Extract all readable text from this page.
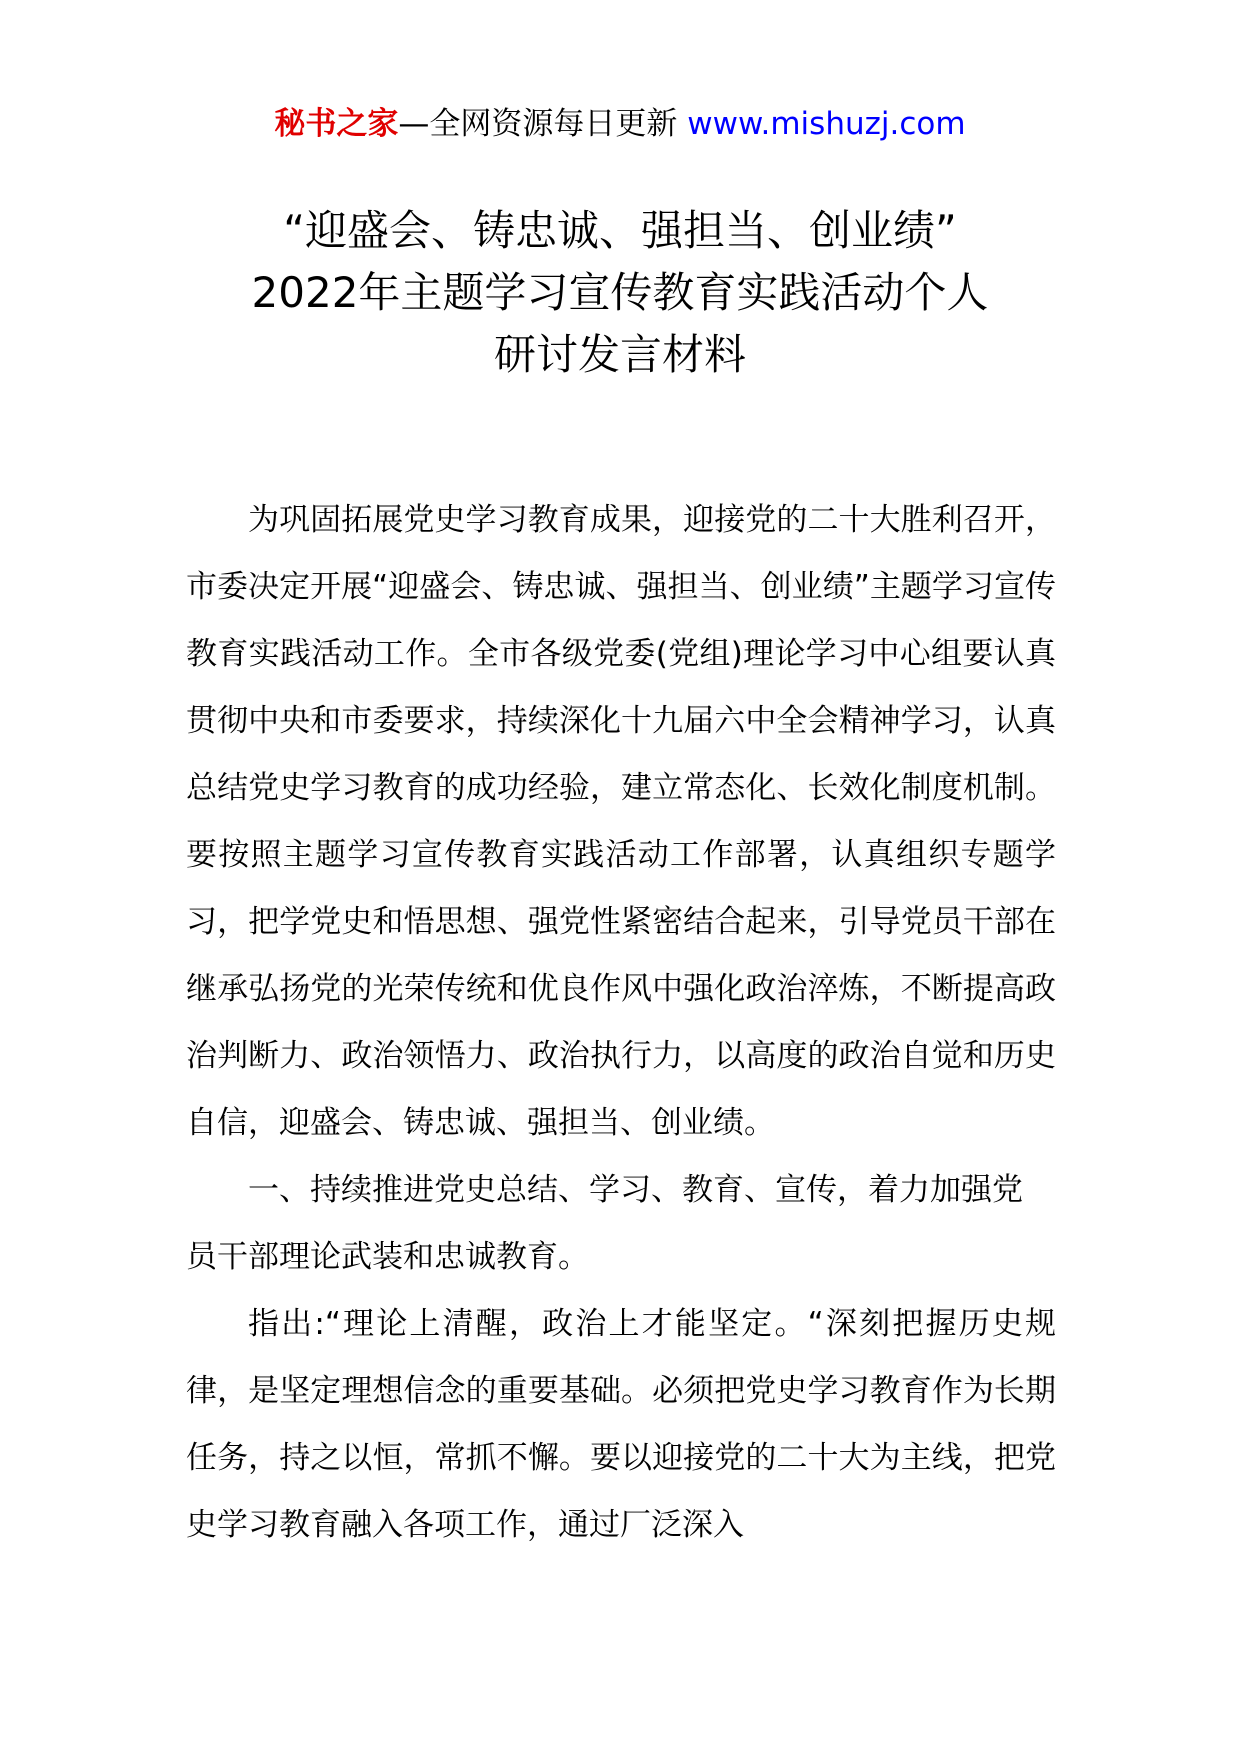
秘书之家—全网资源每日更新 www.mishuzj.com
“迎盛会、铸忠诚、强担当、创业绩”
2022年主题学习宣传教育实践活动个人
研讨发言材料

为巩固拓展党史学习教育成果，迎接党的二十大胜利召开，市委决定开展“迎盛会、铸忠诚、强担当、创业绩”主题学习宣传教育实践活动工作。全市各级党委(党组)理论学习中心组要认真贯彻中央和市委要求，持续深化十九届六中全会精神学习，认真总结党史学习教育的成功经验，建立常态化、长效化制度机制。要按照主题学习宣传教育实践活动工作部署，认真组织专题学习，把学党史和悟思想、强党性紧密结合起来，引导党员干部在继承弘扬党的光荣传统和优良作风中强化政治淬炼，不断提高政治判断力、政治领悟力、政治执行力，以高度的政治自觉和历史自信，迎盛会、铸忠诚、强担当、创业绩。

一、持续推进党史总结、学习、教育、宣传，着力加强党员干部理论武装和忠诚教育。

指出:“理论上清醒，政治上才能坚定。“深刻把握历史规律，是坚定理想信念的重要基础。必须把党史学习教育作为长期任务，持之以恒，常抓不懈。要以迎接党的二十大为主线，把党史学习教育融入各项工作，通过厂泛深入
